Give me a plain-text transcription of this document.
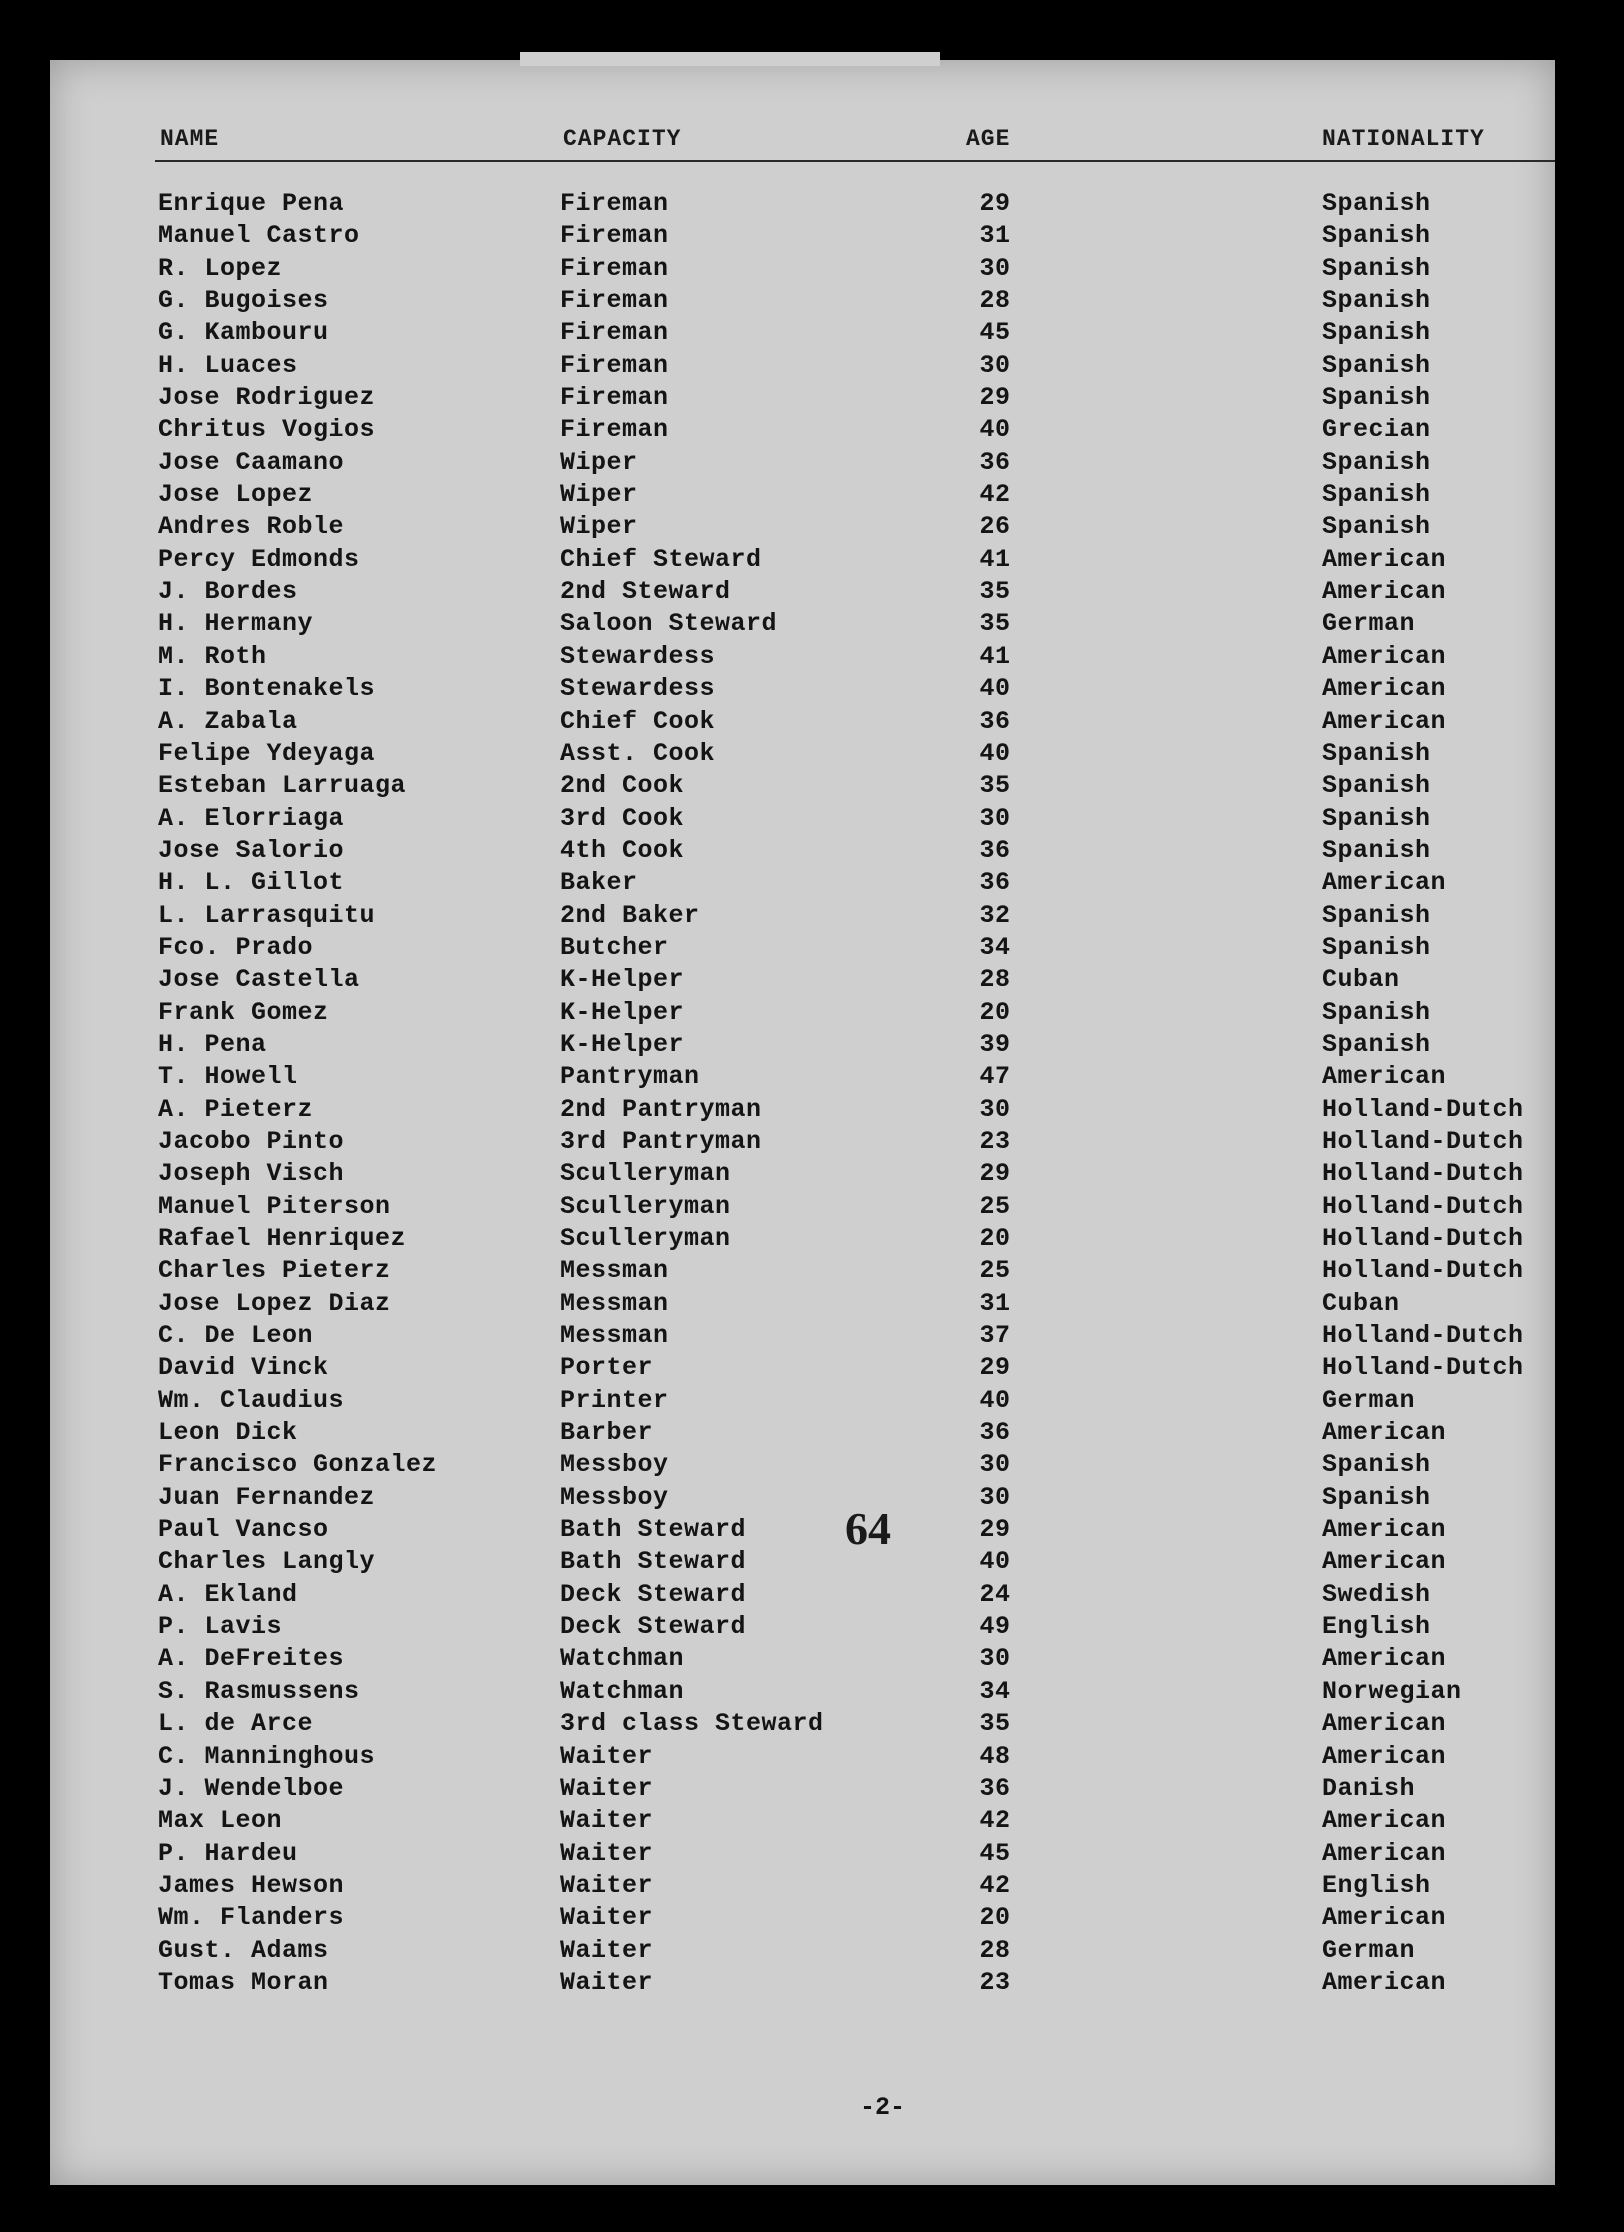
NAME	CAPACITY	AGE	NATIONALITY
Enrique Pena	Fireman	29	Spanish
Manuel Castro	Fireman	31	Spanish
R. Lopez	Fireman	30	Spanish
G. Bugoises	Fireman	28	Spanish
G. Kambouru	Fireman	45	Spanish
H. Luaces	Fireman	30	Spanish
Jose Rodriguez	Fireman	29	Spanish
Chritus Vogios	Fireman	40	Grecian
Jose Caamano	Wiper	36	Spanish
Jose Lopez	Wiper	42	Spanish
Andres Roble	Wiper	26	Spanish
Percy Edmonds	Chief Steward	41	American
J. Bordes	2nd Steward	35	American
H. Hermany	Saloon Steward	35	German
M. Roth	Stewardess	41	American
I. Bontenakels	Stewardess	40	American
A. Zabala	Chief Cook	36	American
Felipe Ydeyaga	Asst. Cook	40	Spanish
Esteban Larruaga	2nd Cook	35	Spanish
A. Elorriaga	3rd Cook	30	Spanish
Jose Salorio	4th Cook	36	Spanish
H. L. Gillot	Baker	36	American
L. Larrasquitu	2nd Baker	32	Spanish
Fco. Prado	Butcher	34	Spanish
Jose Castella	K-Helper	28	Cuban
Frank Gomez	K-Helper	20	Spanish
H. Pena	K-Helper	39	Spanish
T. Howell	Pantryman	47	American
A. Pieterz	2nd Pantryman	30	Holland-Dutch
Jacobo Pinto	3rd Pantryman	23	Holland-Dutch
Joseph Visch	Sculleryman	29	Holland-Dutch
Manuel Piterson	Sculleryman	25	Holland-Dutch
Rafael Henriquez	Sculleryman	20	Holland-Dutch
Charles Pieterz	Messman	25	Holland-Dutch
Jose Lopez Diaz	Messman	31	Cuban
C. De Leon	Messman	37	Holland-Dutch
David Vinck	Porter	29	Holland-Dutch
Wm. Claudius	Printer	40	German
Leon Dick	Barber	36	American
Francisco Gonzalez	Messboy	30	Spanish
Juan Fernandez	Messboy	30	Spanish
Paul Vancso	Bath Steward	29	American
Charles Langly	Bath Steward	40	American
A. Ekland	Deck Steward	24	Swedish
P. Lavis	Deck Steward	49	English
A. DeFreites	Watchman	30	American
S. Rasmussens	Watchman	34	Norwegian
L. de Arce	3rd class Steward	35	American
C. Manninghous	Waiter	48	American
J. Wendelboe	Waiter	36	Danish
Max Leon	Waiter	42	American
P. Hardeu	Waiter	45	American
James Hewson	Waiter	42	English
Wm. Flanders	Waiter	20	American
Gust. Adams	Waiter	28	German
Tomas Moran	Waiter	23	American
64
-2-
